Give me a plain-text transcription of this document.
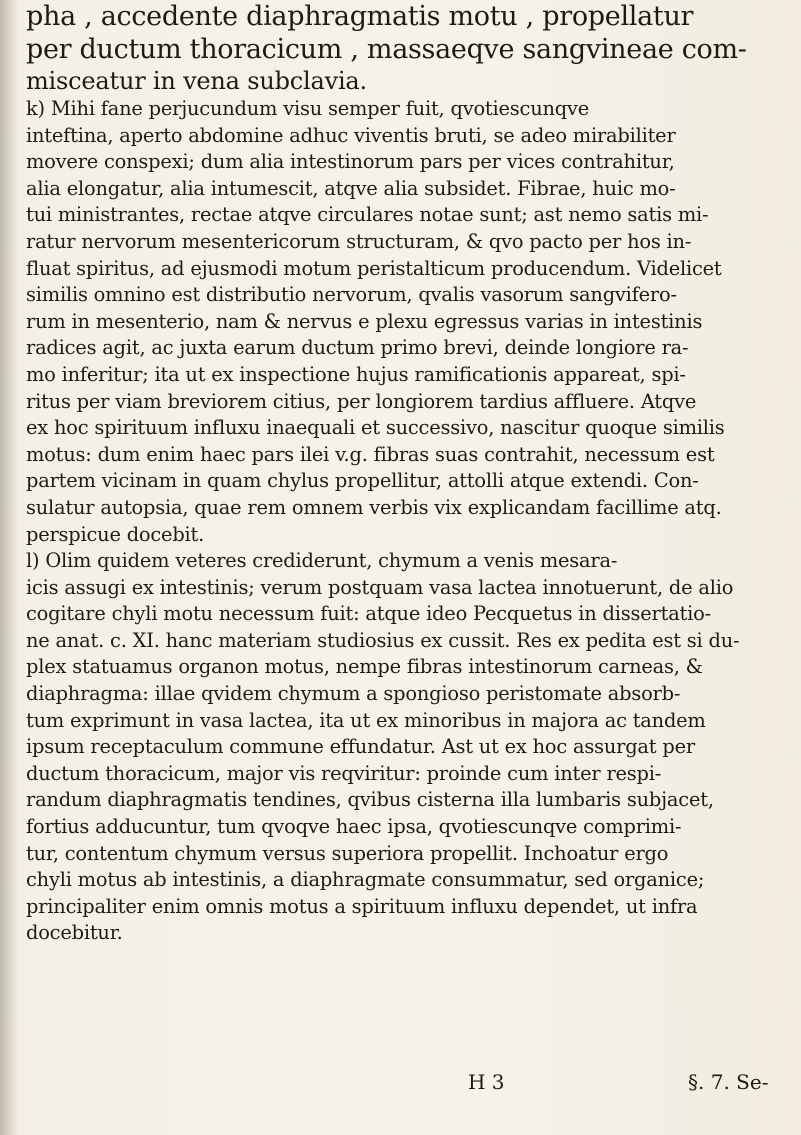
pha , accedente diaphragmatis motu , propellatur
per ductum thoracicum , massaeqve sangvineae com-
misceatur in vena subclavia.
k) Mihi fane perjucundum visu semper fuit, qvotiescunqve
inteftina, aperto abdomine adhuc viventis bruti, se adeo mirabiliter
movere conspexi; dum alia intestinorum pars per vices contrahitur,
alia elongatur, alia intumescit, atqve alia subsidet. Fibrae, huic mo-
tui ministrantes, rectae atqve circulares notae sunt; ast nemo satis mi-
ratur nervorum mesentericorum structuram, & qvo pacto per hos in-
fluat spiritus, ad ejusmodi motum peristalticum producendum. Videlicet
similis omnino est distributio nervorum, qvalis vasorum sangvifero-
rum in mesenterio, nam & nervus e plexu egressus varias in intestinis
radices agit, ac juxta earum ductum primo brevi, deinde longiore ra-
mo inferitur; ita ut ex inspectione hujus ramificationis appareat, spi-
ritus per viam breviorem citius, per longiorem tardius affluere. Atqve
ex hoc spirituum influxu inaequali et successivo, nascitur quoque similis
motus: dum enim haec pars ilei v.g. fibras suas contrahit, necessum est
partem vicinam in quam chylus propellitur, attolli atque extendi. Con-
sulatur autopsia, quae rem omnem verbis vix explicandam facillime atq.
perspicue docebit.
l) Olim quidem veteres crediderunt, chymum a venis mesara-
icis assugi ex intestinis; verum postquam vasa lactea innotuerunt, de alio
cogitare chyli motu necessum fuit: atque ideo Pecquetus in dissertatio-
ne anat. c. XI. hanc materiam studiosius ex cussit. Res ex pedita est si du-
plex statuamus organon motus, nempe fibras intestinorum carneas, &
diaphragma: illae qvidem chymum a spongioso peristomate absorb-
tum exprimunt in vasa lactea, ita ut ex minoribus in majora ac tandem
ipsum receptaculum commune effundatur. Ast ut ex hoc assurgat per
ductum thoracicum, major vis reqviritur: proinde cum inter respi-
randum diaphragmatis tendines, qvibus cisterna illa lumbaris subjacet,
fortius adducuntur, tum qvoqve haec ipsa, qvotiescunqve comprimi-
tur, contentum chymum versus superiora propellit. Inchoatur ergo
chyli motus ab intestinis, a diaphragmate consummatur, sed organice;
principaliter enim omnis motus a spirituum influxu dependet, ut infra
docebitur.
H 3	§. 7. Se-
